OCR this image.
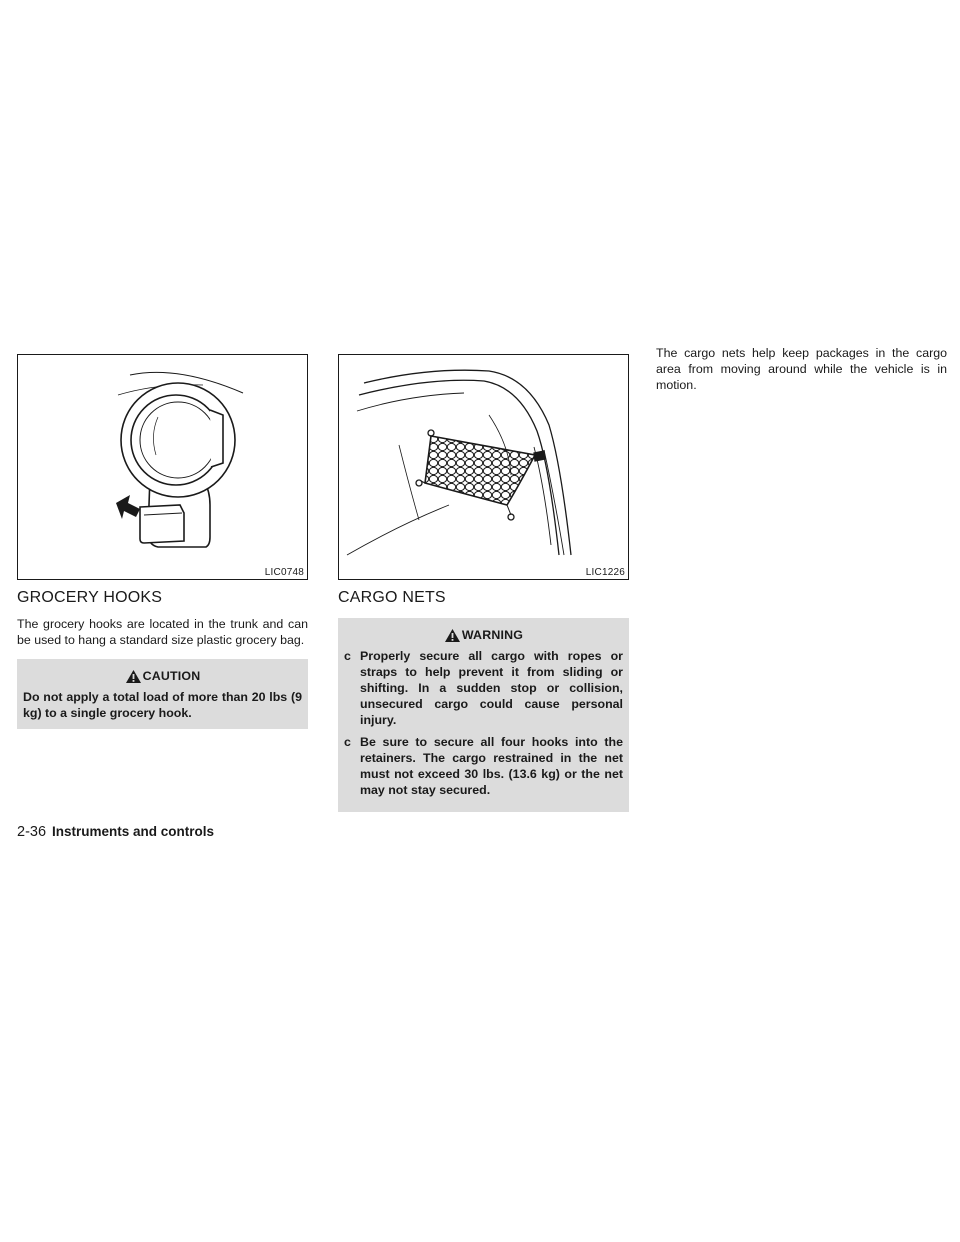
LIC0748
GROCERY HOOKS

The grocery hooks are located in the trunk and can be used to hang a standard size plastic grocery bag.

CAUTION
Do not apply a total load of more than 20 lbs (9 kg) to a single grocery hook.
LIC1226
CARGO NETS
WARNING
c Properly secure all cargo with ropes or straps to help prevent it from sliding or shifting. In a sudden stop or collision, unsecured cargo could cause personal injury.
c Be sure to secure all four hooks into the retainers. The cargo restrained in the net must not exceed 30 lbs. (13.6 kg) or the net may not stay secured.

The cargo nets help keep packages in the cargo area from moving around while the vehicle is in motion.

2-36 Instruments and controls
